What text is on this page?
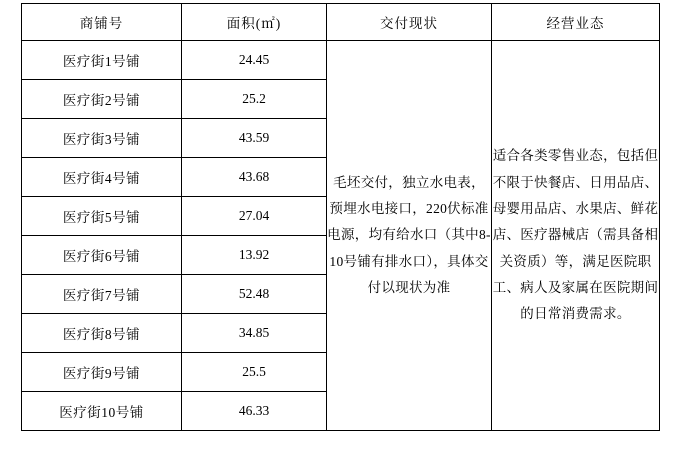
商铺号	面积(㎡)	交付现状	经营业态
医疗街1号铺	24.45	毛坯交付，独立水电表，预埋水电接口，220伏标准电源，均有给水口（其中8-10号铺有排水口），具体交付以现状为准	适合各类零售业态，包括但不限于快餐店、日用品店、母婴用品店、水果店、鲜花店、医疗器械店（需具备相关资质）等，满足医院职工、病人及家属在医院期间的日常消费需求。
医疗街2号铺	25.2		
医疗街3号铺	43.59		
医疗街4号铺	43.68		
医疗街5号铺	27.04		
医疗街6号铺	13.92		
医疗街7号铺	52.48		
医疗街8号铺	34.85		
医疗街9号铺	25.5		
医疗街10号铺	46.33		
